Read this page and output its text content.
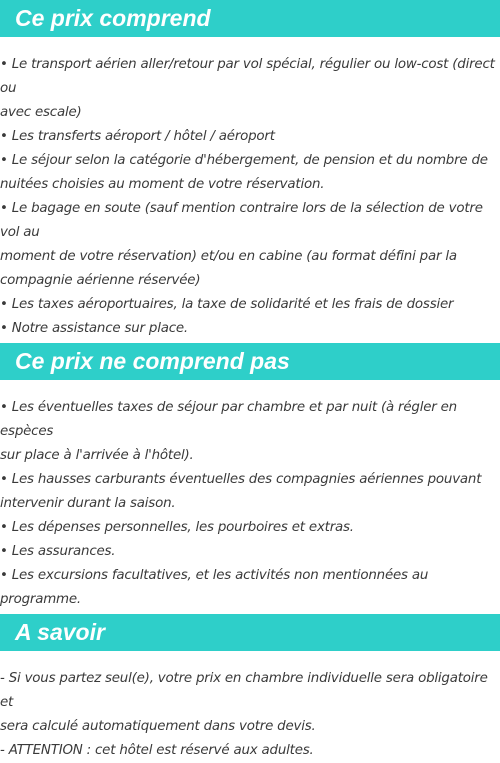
Ce prix comprend

• Le transport aérien aller/retour par vol spécial, régulier ou low-cost (direct ou

avec escale)

• Les transferts aéroport / hôtel / aéroport

• Le séjour selon la catégorie d'hébergement, de pension et du nombre de

nuitées choisies au moment de votre réservation.

• Le bagage en soute (sauf mention contraire lors de la sélection de votre vol au

moment de votre réservation) et/ou en cabine (au format défini par la

compagnie aérienne réservée)

• Les taxes aéroportuaires, la taxe de solidarité et les frais de dossier

• Notre assistance sur place.

Ce prix ne comprend pas

• Les éventuelles taxes de séjour par chambre et par nuit (à régler en espèces

sur place à l'arrivée à l'hôtel).

• Les hausses carburants éventuelles des compagnies aériennes pouvant

intervenir durant la saison.

• Les dépenses personnelles, les pourboires et extras.

• Les assurances.

• Les excursions facultatives, et les activités non mentionnées au programme.

A savoir

- Si vous partez seul(e), votre prix en chambre individuelle sera obligatoire et

sera calculé automatiquement dans votre devis.

- ATTENTION : cet hôtel est réservé aux adultes.
